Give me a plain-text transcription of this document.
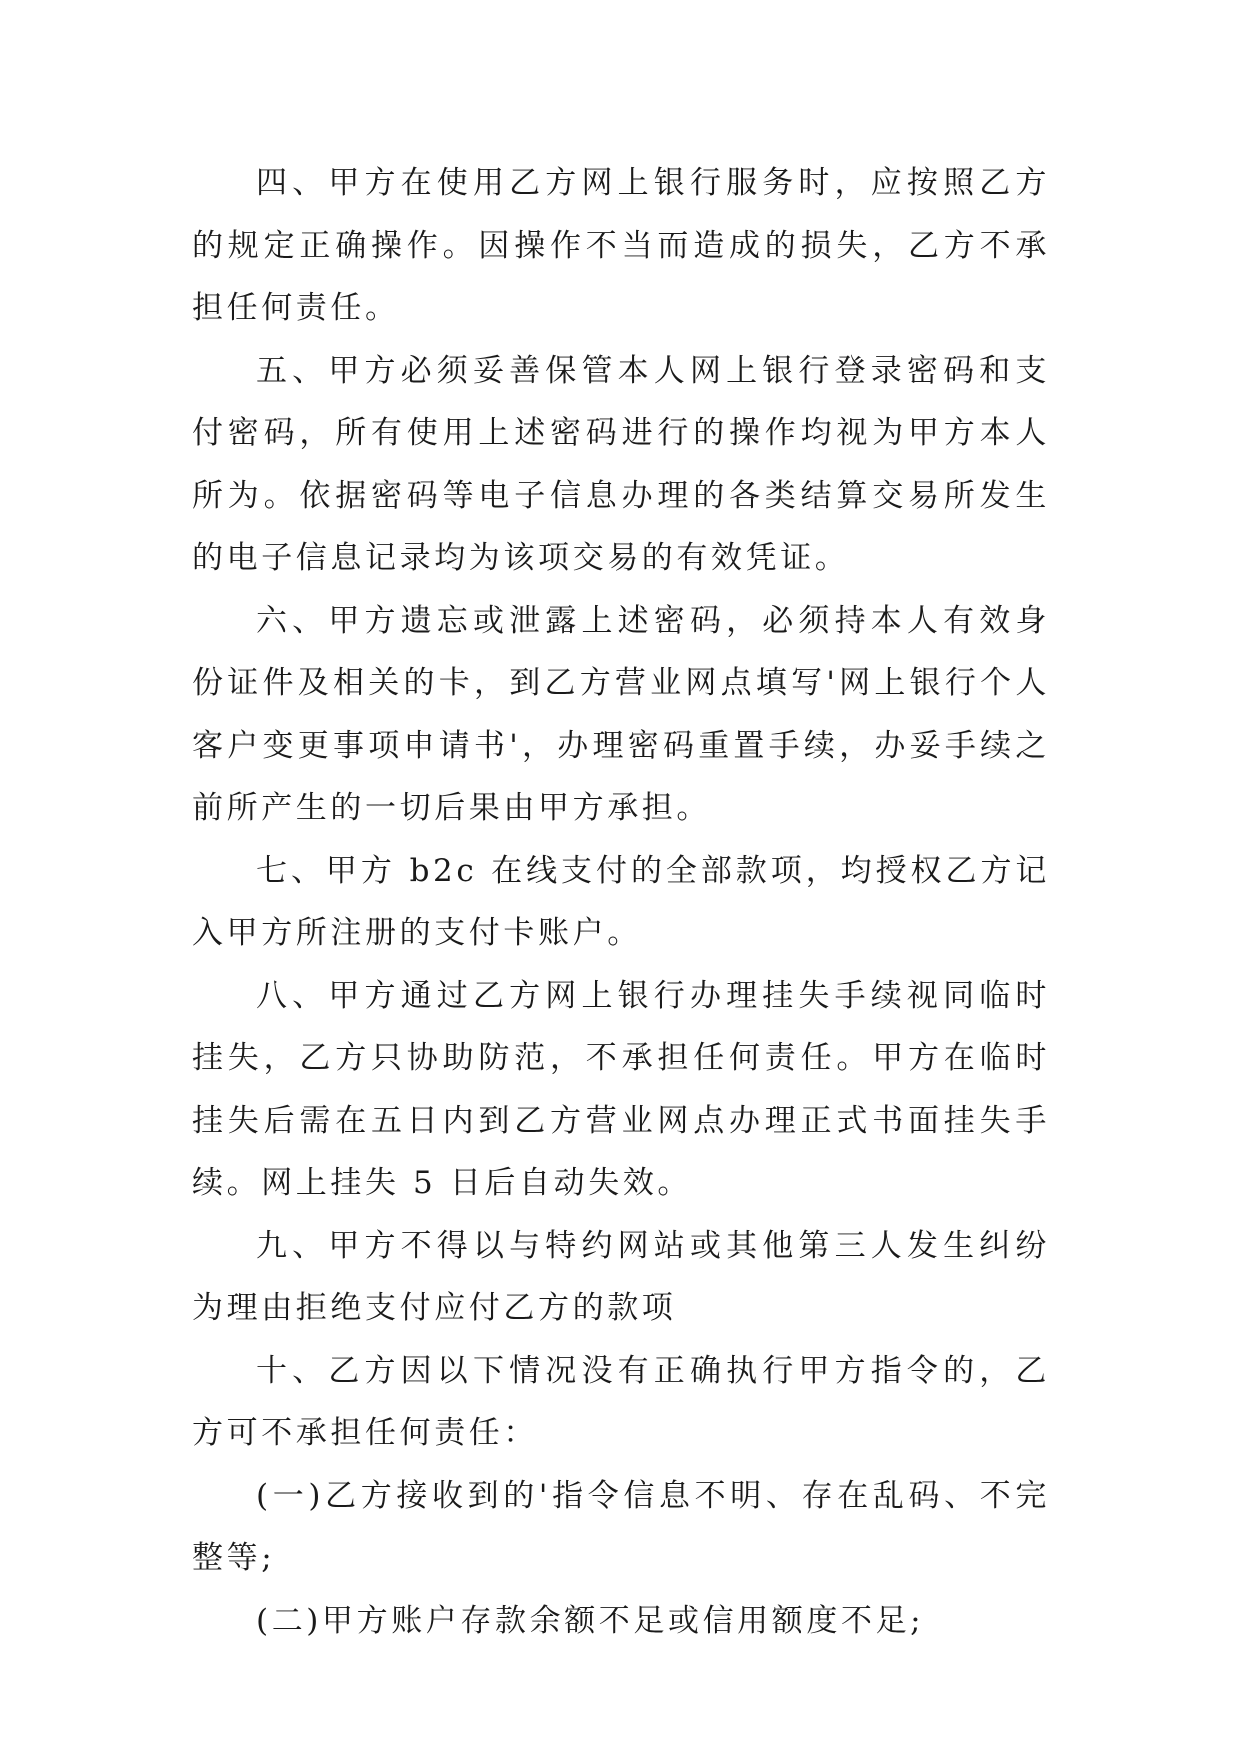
四、甲方在使用乙方网上银行服务时，应按照乙方的规定正确操作。因操作不当而造成的损失，乙方不承担任何责任。

五、甲方必须妥善保管本人网上银行登录密码和支付密码，所有使用上述密码进行的操作均视为甲方本人所为。依据密码等电子信息办理的各类结算交易所发生的电子信息记录均为该项交易的有效凭证。

六、甲方遗忘或泄露上述密码，必须持本人有效身份证件及相关的卡，到乙方营业网点填写'网上银行个人客户变更事项申请书'，办理密码重置手续，办妥手续之前所产生的一切后果由甲方承担。

七、甲方 b2c 在线支付的全部款项，均授权乙方记入甲方所注册的支付卡账户。

八、甲方通过乙方网上银行办理挂失手续视同临时挂失，乙方只协助防范，不承担任何责任。甲方在临时挂失后需在五日内到乙方营业网点办理正式书面挂失手续。网上挂失 5 日后自动失效。

九、甲方不得以与特约网站或其他第三人发生纠纷为理由拒绝支付应付乙方的款项

十、乙方因以下情况没有正确执行甲方指令的，乙方可不承担任何责任：

(一)乙方接收到的'指令信息不明、存在乱码、不完整等;

(二)甲方账户存款余额不足或信用额度不足;
